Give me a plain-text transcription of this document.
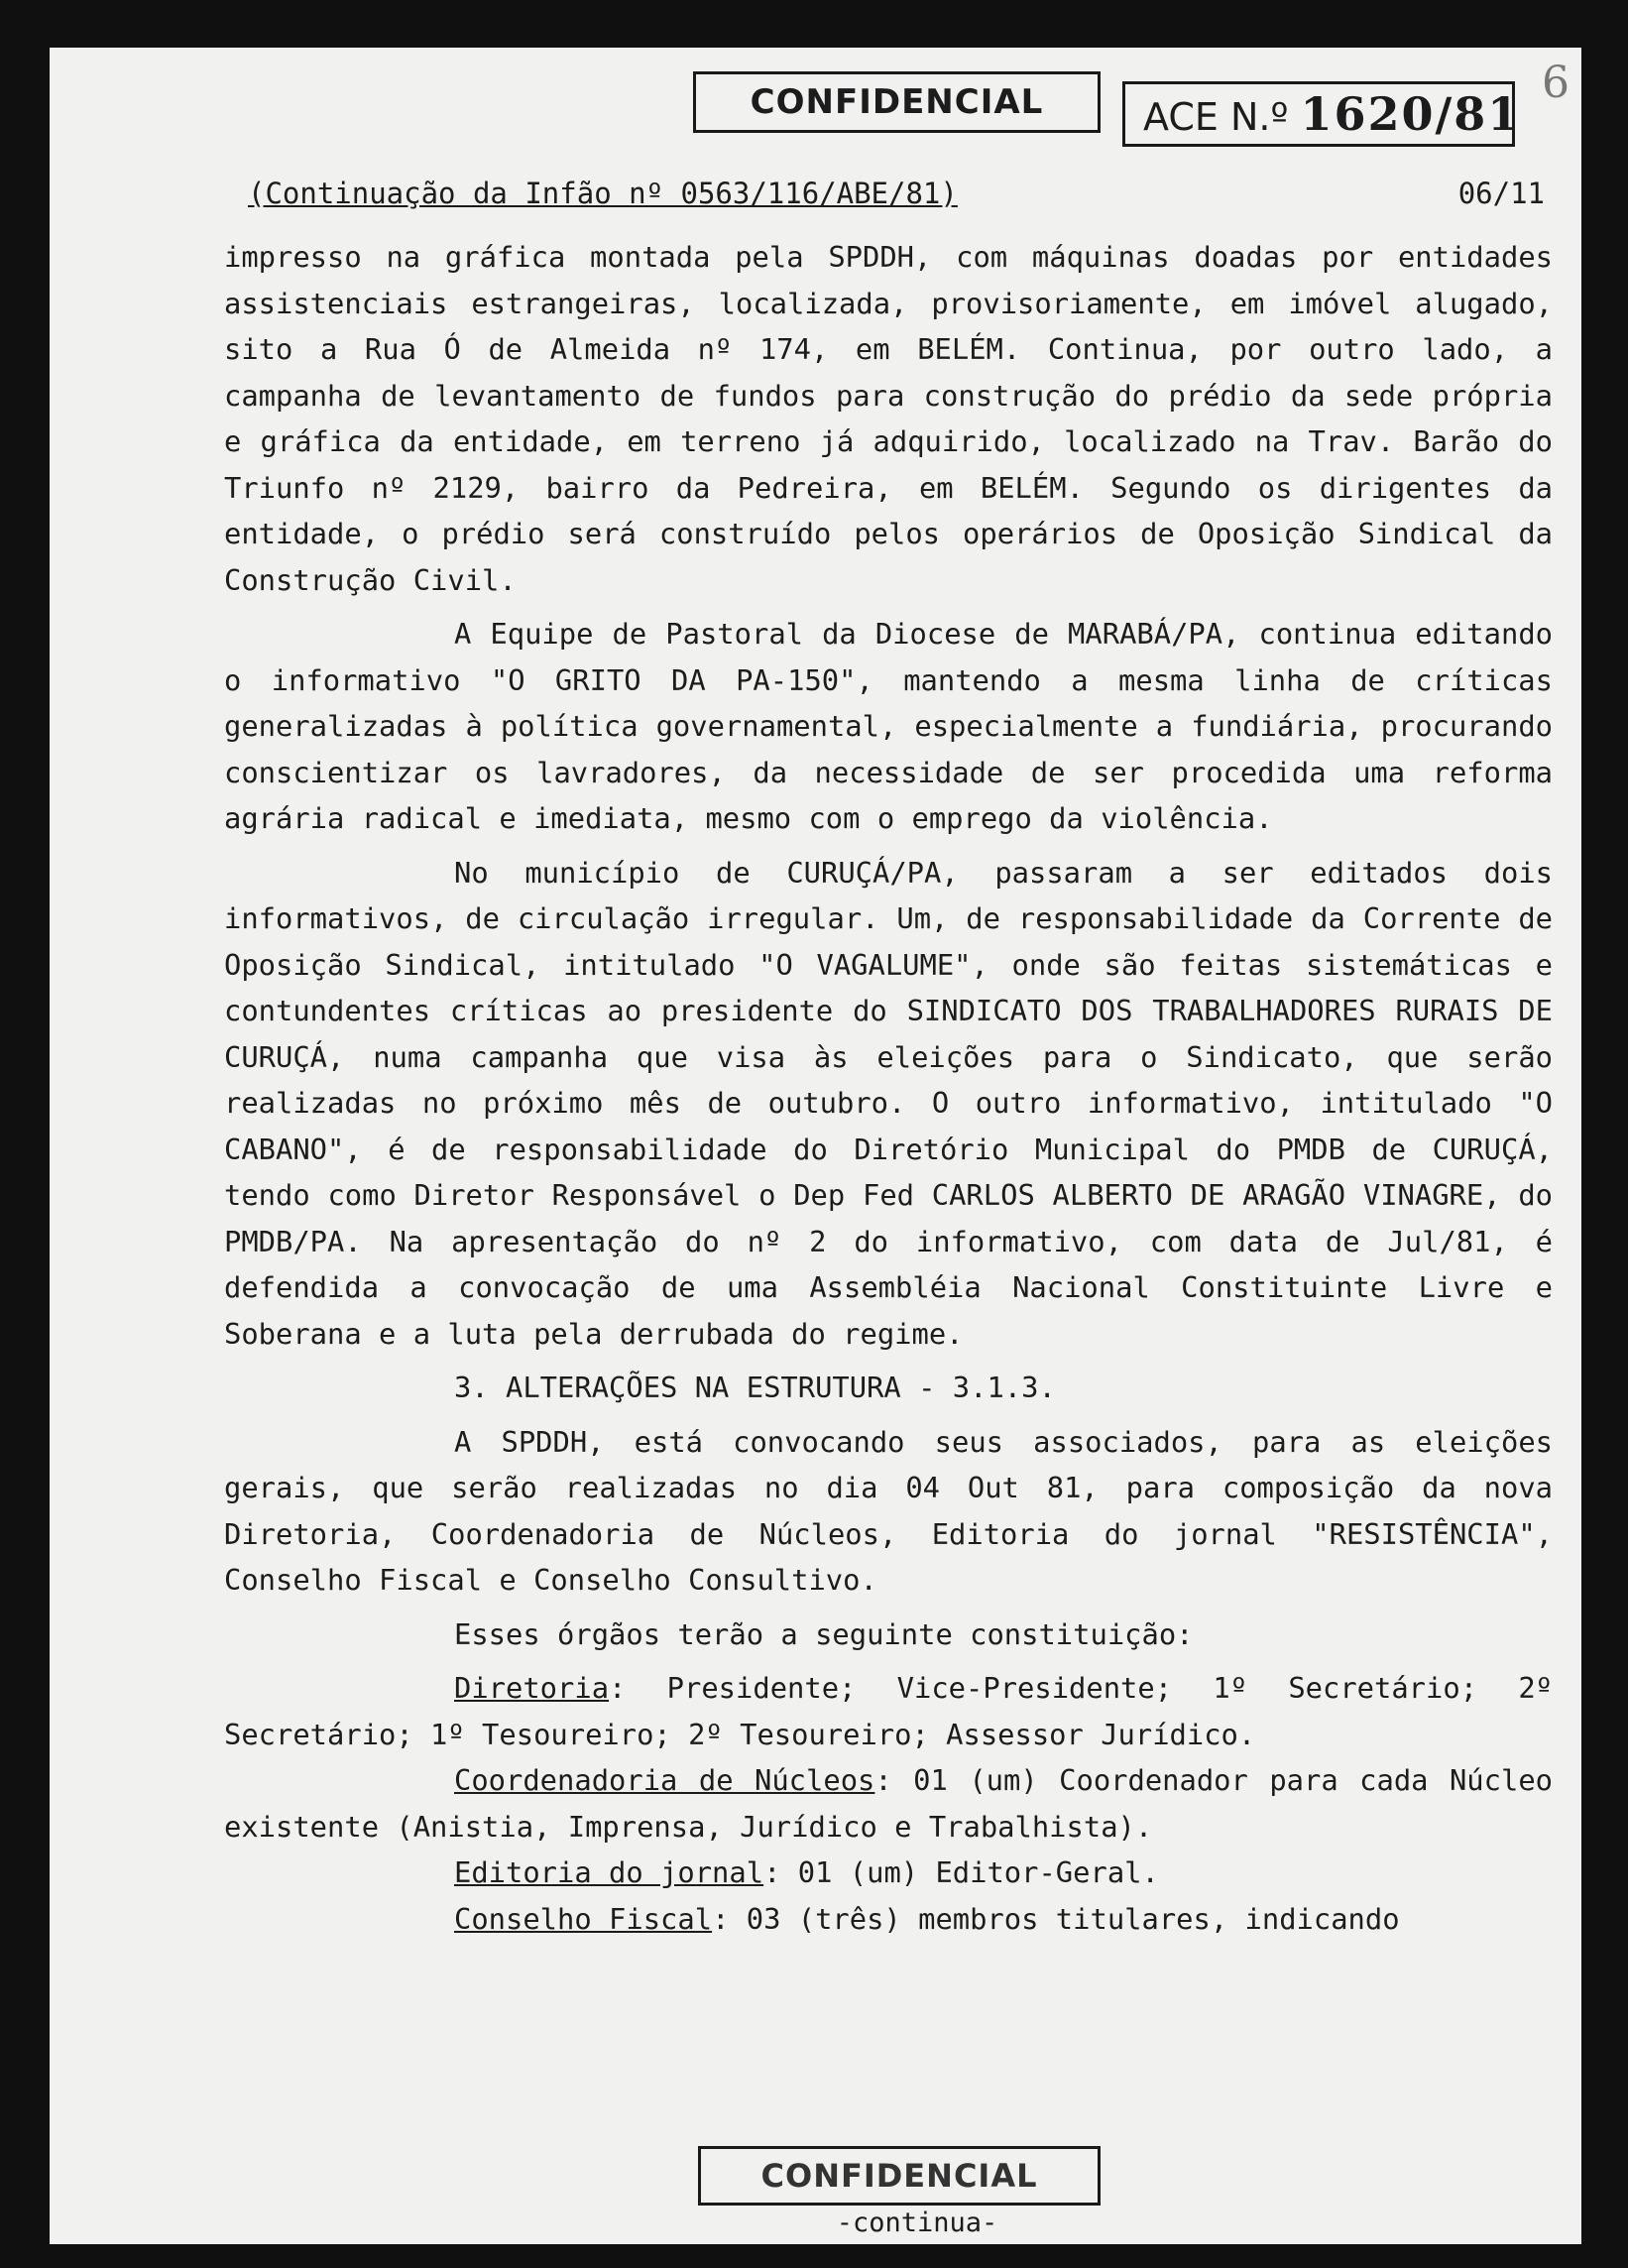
6
CONFIDENCIAL	ACE N.º 1620/81
(Continuação da Infão nº 0563/116/ABE/81)	06/11

impresso na gráfica montada pela SPDDH, com máquinas doadas por entidades assistenciais estrangeiras, localizada, provisoriamente, em imóvel alugado, sito a Rua Ó de Almeida nº 174, em BELÉM. Continua, por outro lado, a campanha de levantamento de fundos para construção do prédio da sede própria e gráfica da entidade, em terreno já adquirido, localizado na Trav. Barão do Triunfo nº 2129, bairro da Pedreira, em BELÉM. Segundo os dirigentes da entidade, o prédio será construído pelos operários de Oposição Sindical da Construção Civil.

A Equipe de Pastoral da Diocese de MARABÁ/PA, continua editando o informativo "O GRITO DA PA-150", mantendo a mesma linha de críticas generalizadas à política governamental, especialmente a fundiária, procurando conscientizar os lavradores, da necessidade de ser procedida uma reforma agrária radical e imediata, mesmo com o emprego da violência.

No município de CURUÇÁ/PA, passaram a ser editados dois informativos, de circulação irregular. Um, de responsabilidade da Corrente de Oposição Sindical, intitulado "O VAGALUME", onde são feitas sistemáticas e contundentes críticas ao presidente do SINDICATO DOS TRABALHADORES RURAIS DE CURUÇÁ, numa campanha que visa às eleições para o Sindicato, que serão realizadas no próximo mês de outubro. O outro informativo, intitulado "O CABANO", é de responsabilidade do Diretório Municipal do PMDB de CURUÇÁ, tendo como Diretor Responsável o Dep Fed CARLOS ALBERTO DE ARAGÃO VINAGRE, do PMDB/PA. Na apresentação do nº 2 do informativo, com data de Jul/81, é defendida a convocação de uma Assembléia Nacional Constituinte Livre e Soberana e a luta pela derrubada do regime.

3. ALTERAÇÕES NA ESTRUTURA - 3.1.3.

A SPDDH, está convocando seus associados, para as eleições gerais, que serão realizadas no dia 04 Out 81, para composição da nova Diretoria, Coordenadoria de Núcleos, Editoria do jornal "RESISTÊNCIA", Conselho Fiscal e Conselho Consultivo.

Esses órgãos terão a seguinte constituição:

Diretoria: Presidente; Vice-Presidente; 1º Secretário; 2º Secretário; 1º Tesoureiro; 2º Tesoureiro; Assessor Jurídico.

Coordenadoria de Núcleos: 01 (um) Coordenador para cada Núcleo existente (Anistia, Imprensa, Jurídico e Trabalhista).

Editoria do jornal: 01 (um) Editor-Geral.

Conselho Fiscal: 03 (três) membros titulares, indicando

CONFIDENCIAL
-continua-
